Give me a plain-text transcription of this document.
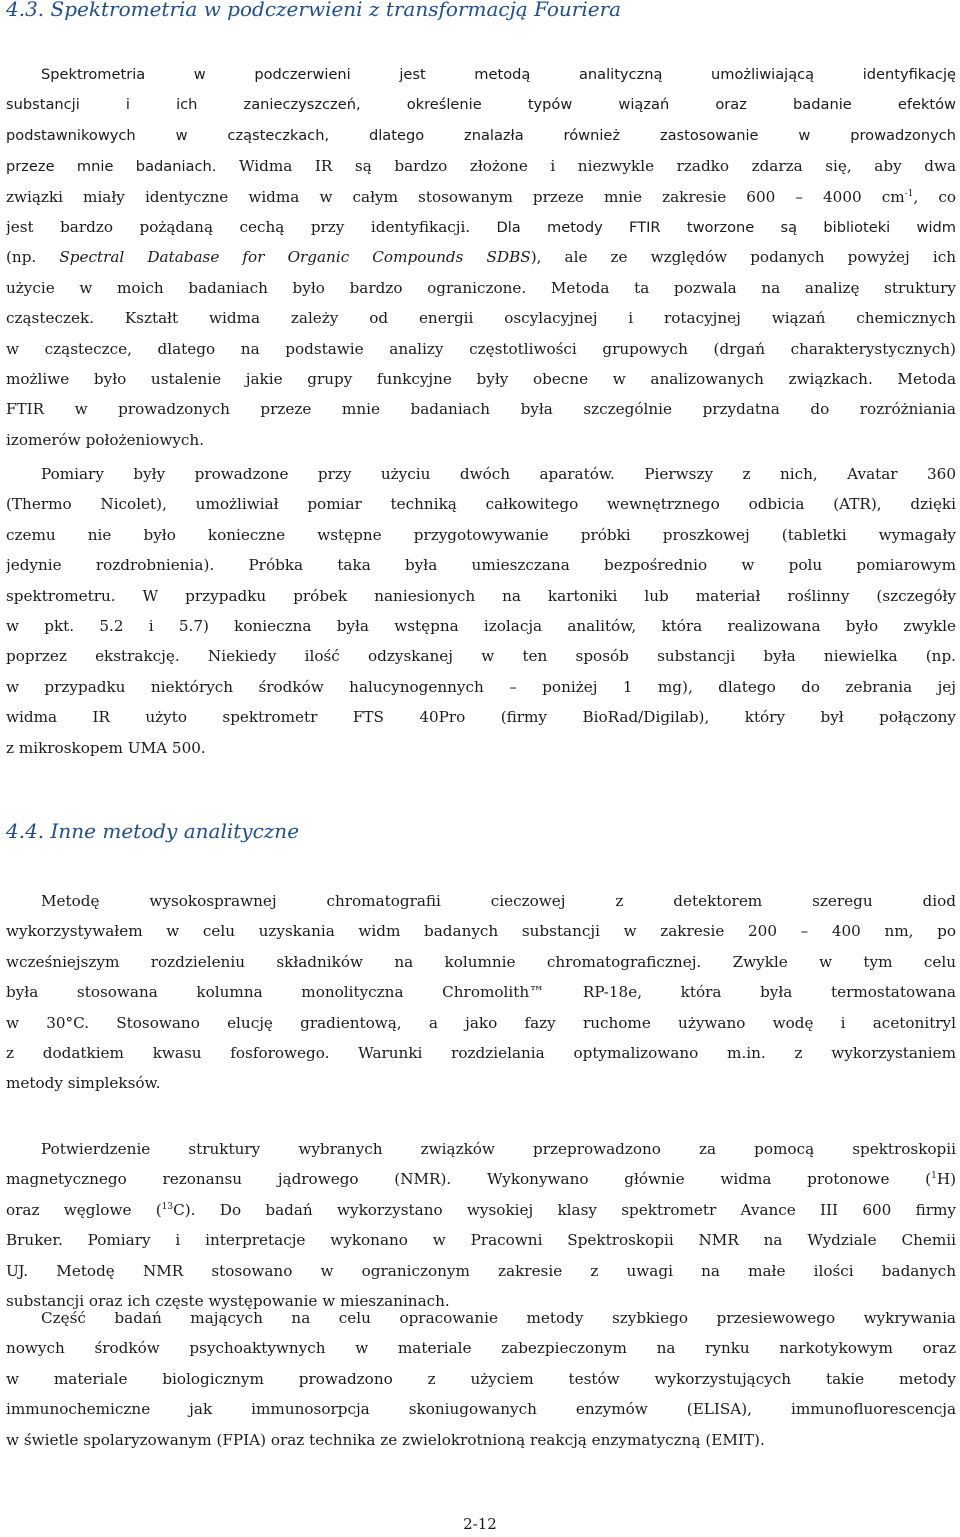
4.3. Spektrometria w podczerwieni z transformacją Fouriera
Spektrometria w podczerwieni jest metodą analityczną umożliwiającą identyfikację
substancji i ich zanieczyszczeń, określenie typów wiązań oraz badanie efektów
podstawnikowych w cząsteczkach, dlatego znalazła również zastosowanie w prowadzonych
przeze mnie badaniach. Widma IR są bardzo złożone i niezwykle rzadko zdarza się, aby dwa
związki miały identyczne widma w całym stosowanym przeze mnie zakresie 600 – 4000 $cm^{-1}$, co
jest bardzo pożądaną cechą przy identyfikacji. Dla metody FTIR tworzone są biblioteki widm
(np. Spectral Database for Organic Compounds SDBS), ale ze względów podanych powyżej ich
użycie w moich badaniach było bardzo ograniczone. Metoda ta pozwala na analizę struktury
cząsteczek. Kształt widma zależy od energii oscylacyjnej i rotacyjnej wiązań chemicznych
w cząsteczce, dlatego na podstawie analizy częstotliwości grupowych (drgań charakterystycznych)
możliwe było ustalenie jakie grupy funkcyjne były obecne w analizowanych związkach. Metoda
FTIR w prowadzonych przeze mnie badaniach była szczególnie przydatna do rozróżniania
izomerów położeniowych.
Pomiary były prowadzone przy użyciu dwóch aparatów. Pierwszy z nich, Avatar 360
(Thermo Nicolet), umożliwiał pomiar techniką całkowitego wewnętrznego odbicia (ATR), dzięki
czemu nie było konieczne wstępne przygotowywanie próbki proszkowej (tabletki wymagały
jedynie rozdrobnienia). Próbka taka była umieszczana bezpośrednio w polu pomiarowym
spektrometru. W przypadku próbek naniesionych na kartoniki lub materiał roślinny (szczegóły
w pkt. 5.2 i 5.7) konieczna była wstępna izolacja analitów, która realizowana było zwykle
poprzez ekstrakcję. Niekiedy ilość odzyskanej w ten sposób substancji była niewielka (np.
w przypadku niektórych środków halucynogennych – poniżej 1 mg), dlatego do zebrania jej
widma IR użyto spektrometr FTS 40Pro (firmy BioRad/Digilab), który był połączony
z mikroskopem UMA 500.
4.4. Inne metody analityczne
Metodę wysokosprawnej chromatografii cieczowej z detektorem szeregu diod
wykorzystywałem w celu uzyskania widm badanych substancji w zakresie 200 – 400 nm, po
wcześniejszym rozdzieleniu składników na kolumnie chromatograficznej. Zwykle w tym celu
była stosowana kolumna monolityczna Chromolith™ RP-18e, która była termostatowana
w 30°C. Stosowano elucję gradientową, a jako fazy ruchome używano wodę i acetonitryl
z dodatkiem kwasu fosforowego. Warunki rozdzielania optymalizowano m.in. z wykorzystaniem
metody simpleksów.
Potwierdzenie struktury wybranych związków przeprowadzono za pomocą spektroskopii
magnetycznego rezonansu jądrowego (NMR). Wykonywano głównie widma protonowe ($^1$H)
oraz węglowe ($^{13}$C). Do badań wykorzystano wysokiej klasy spektrometr Avance III 600 firmy
Bruker. Pomiary i interpretacje wykonano w Pracowni Spektroskopii NMR na Wydziale Chemii
UJ. Metodę NMR stosowano w ograniczonym zakresie z uwagi na małe ilości badanych
substancji oraz ich częste występowanie w mieszaninach.
Część badań mających na celu opracowanie metody szybkiego przesiewowego wykrywania
nowych środków psychoaktywnych w materiale zabezpieczonym na rynku narkotykowym oraz
w materiale biologicznym prowadzono z użyciem testów wykorzystujących takie metody
immunochemiczne jak immunosorpcja skoniugowanych enzymów (ELISA), immunofluorescencja
w świetle spolaryzowanym (FPIA) oraz technika ze zwielokrotnioną reakcją enzymatyczną (EMIT).
2-12
